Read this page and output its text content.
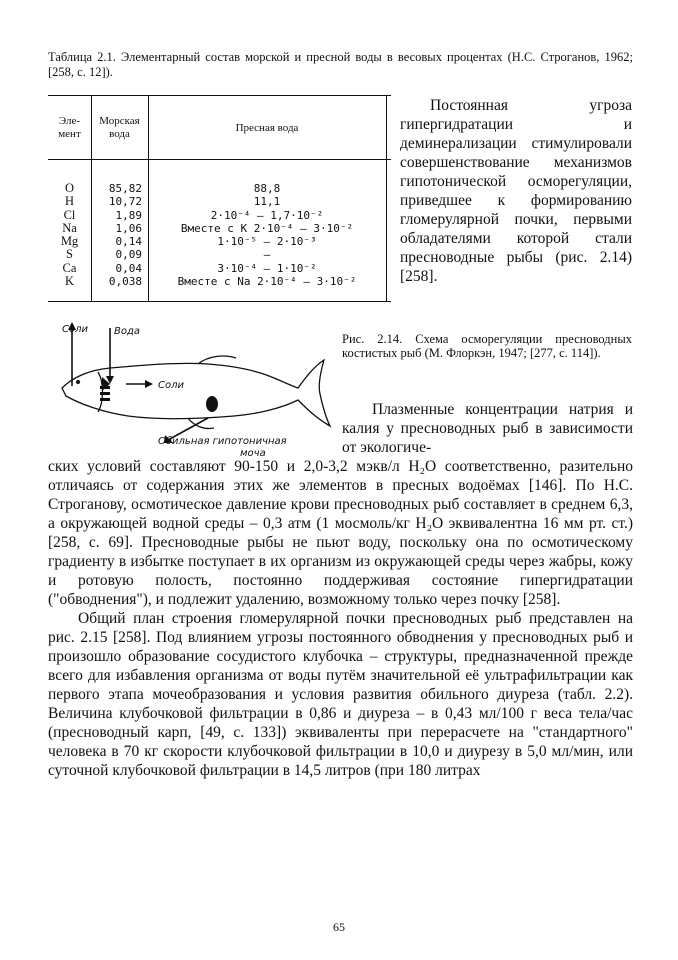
Таблица 2.1. Элементарный состав морской и пресной воды в весовых процентах (Н.С. Строганов, 1962; [258, с. 12]).
Эле-
мент
Морская
вода	Пресная вода
O
H
Cl
Na
Mg
S
Ca
K
85,82
10,72
1,89
1,06
0,14
0,09
0,04
0,038
88,8
11,1
2·10⁻⁴ — 1,7·10⁻²
Вместе с K 2·10⁻⁴ — 3·10⁻²
1·10⁻⁵ — 2·10⁻³
—
3·10⁻⁴ — 1·10⁻²
Вместе с Na 2·10⁻⁴ — 3·10⁻²

Постоянная угроза гипергидратации и деминерализации стимулировали совершенствование механизмов гипотонической осморегуляции, приведшее к формированию гломерулярной почки, первыми обладателями которой стали пресноводные рыбы (рис. 2.14) [258].

Соли	Вода
Соли
Обильная гипотоничная
моча
Рис. 2.14. Схема осморегуляции пресноводных костистых рыб (М. Флоркэн, 1947; [277, с. 114]).
Плазменные концентрации натрия и калия у пресноводных рыб в зависимости от экологиче-

ских условий составляют 90-150 и 2,0-3,2 мэкв/л H₂O соответственно, разительно отличаясь от содержания этих же элементов в пресных водоёмах [146]. По Н.С. Строганову, осмотическое давление крови пресноводных рыб составляет в среднем 6,3, а окружающей водной среды – 0,3 атм (1 мосмоль/кг H₂O эквивалентна 16 мм рт. ст.) [258, с. 69]. Пресноводные рыбы не пьют воду, поскольку она по осмотическому градиенту в избытке поступает в их организм из окружающей среды через жабры, кожу и ротовую полость, постоянно поддерживая состояние гипергидратации ("обводнения"), и подлежит удалению, возможному только через почку [258].

Общий план строения гломерулярной почки пресноводных рыб представлен на рис. 2.15 [258]. Под влиянием угрозы постоянного обводнения у пресноводных рыб и произошло образование сосудистого клубочка – структуры, предназначенной прежде всего для избавления организма от воды путём значительной её ультрафильтрации как первого этапа мочеобразования и условия развития обильного диуреза (табл. 2.2). Величина клубочковой фильтрации в 0,86 и диуреза – в 0,43 мл/100 г веса тела/час (пресноводный карп, [49, с. 133]) эквиваленты при перерасчете на "стандартного" человека в 70 кг скорости клубочковой фильтрации в 10,0 и диурезу в 5,0 мл/мин, или суточной клубочковой фильтрации в 14,5 литров (при 180 литрах

65
